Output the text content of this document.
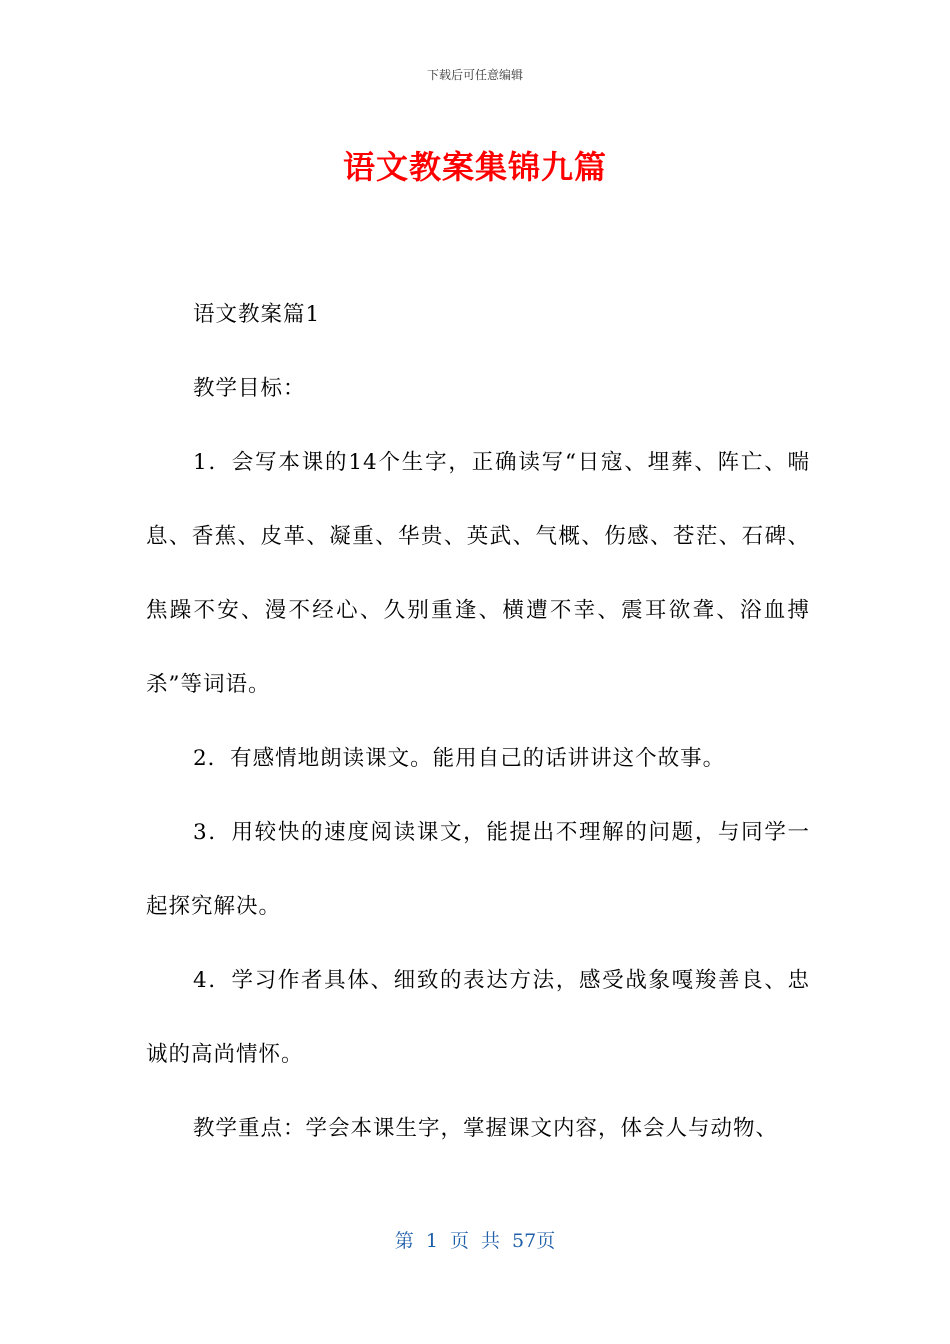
下载后可任意编辑
语文教案集锦九篇

语文教案篇1

教学目标：

1．会写本课的14个生字，正确读写“日寇、埋葬、阵亡、喘息、香蕉、皮革、凝重、华贵、英武、气概、伤感、苍茫、石碑、焦躁不安、漫不经心、久别重逢、横遭不幸、震耳欲聋、浴血搏杀”等词语。

2．有感情地朗读课文。能用自己的话讲讲这个故事。

3．用较快的速度阅读课文，能提出不理解的问题，与同学一起探究解决。

4．学习作者具体、细致的表达方法，感受战象嘎羧善良、忠诚的高尚情怀。

教学重点：学会本课生字，掌握课文内容，体会人与动物、

第 1 页 共 57页
